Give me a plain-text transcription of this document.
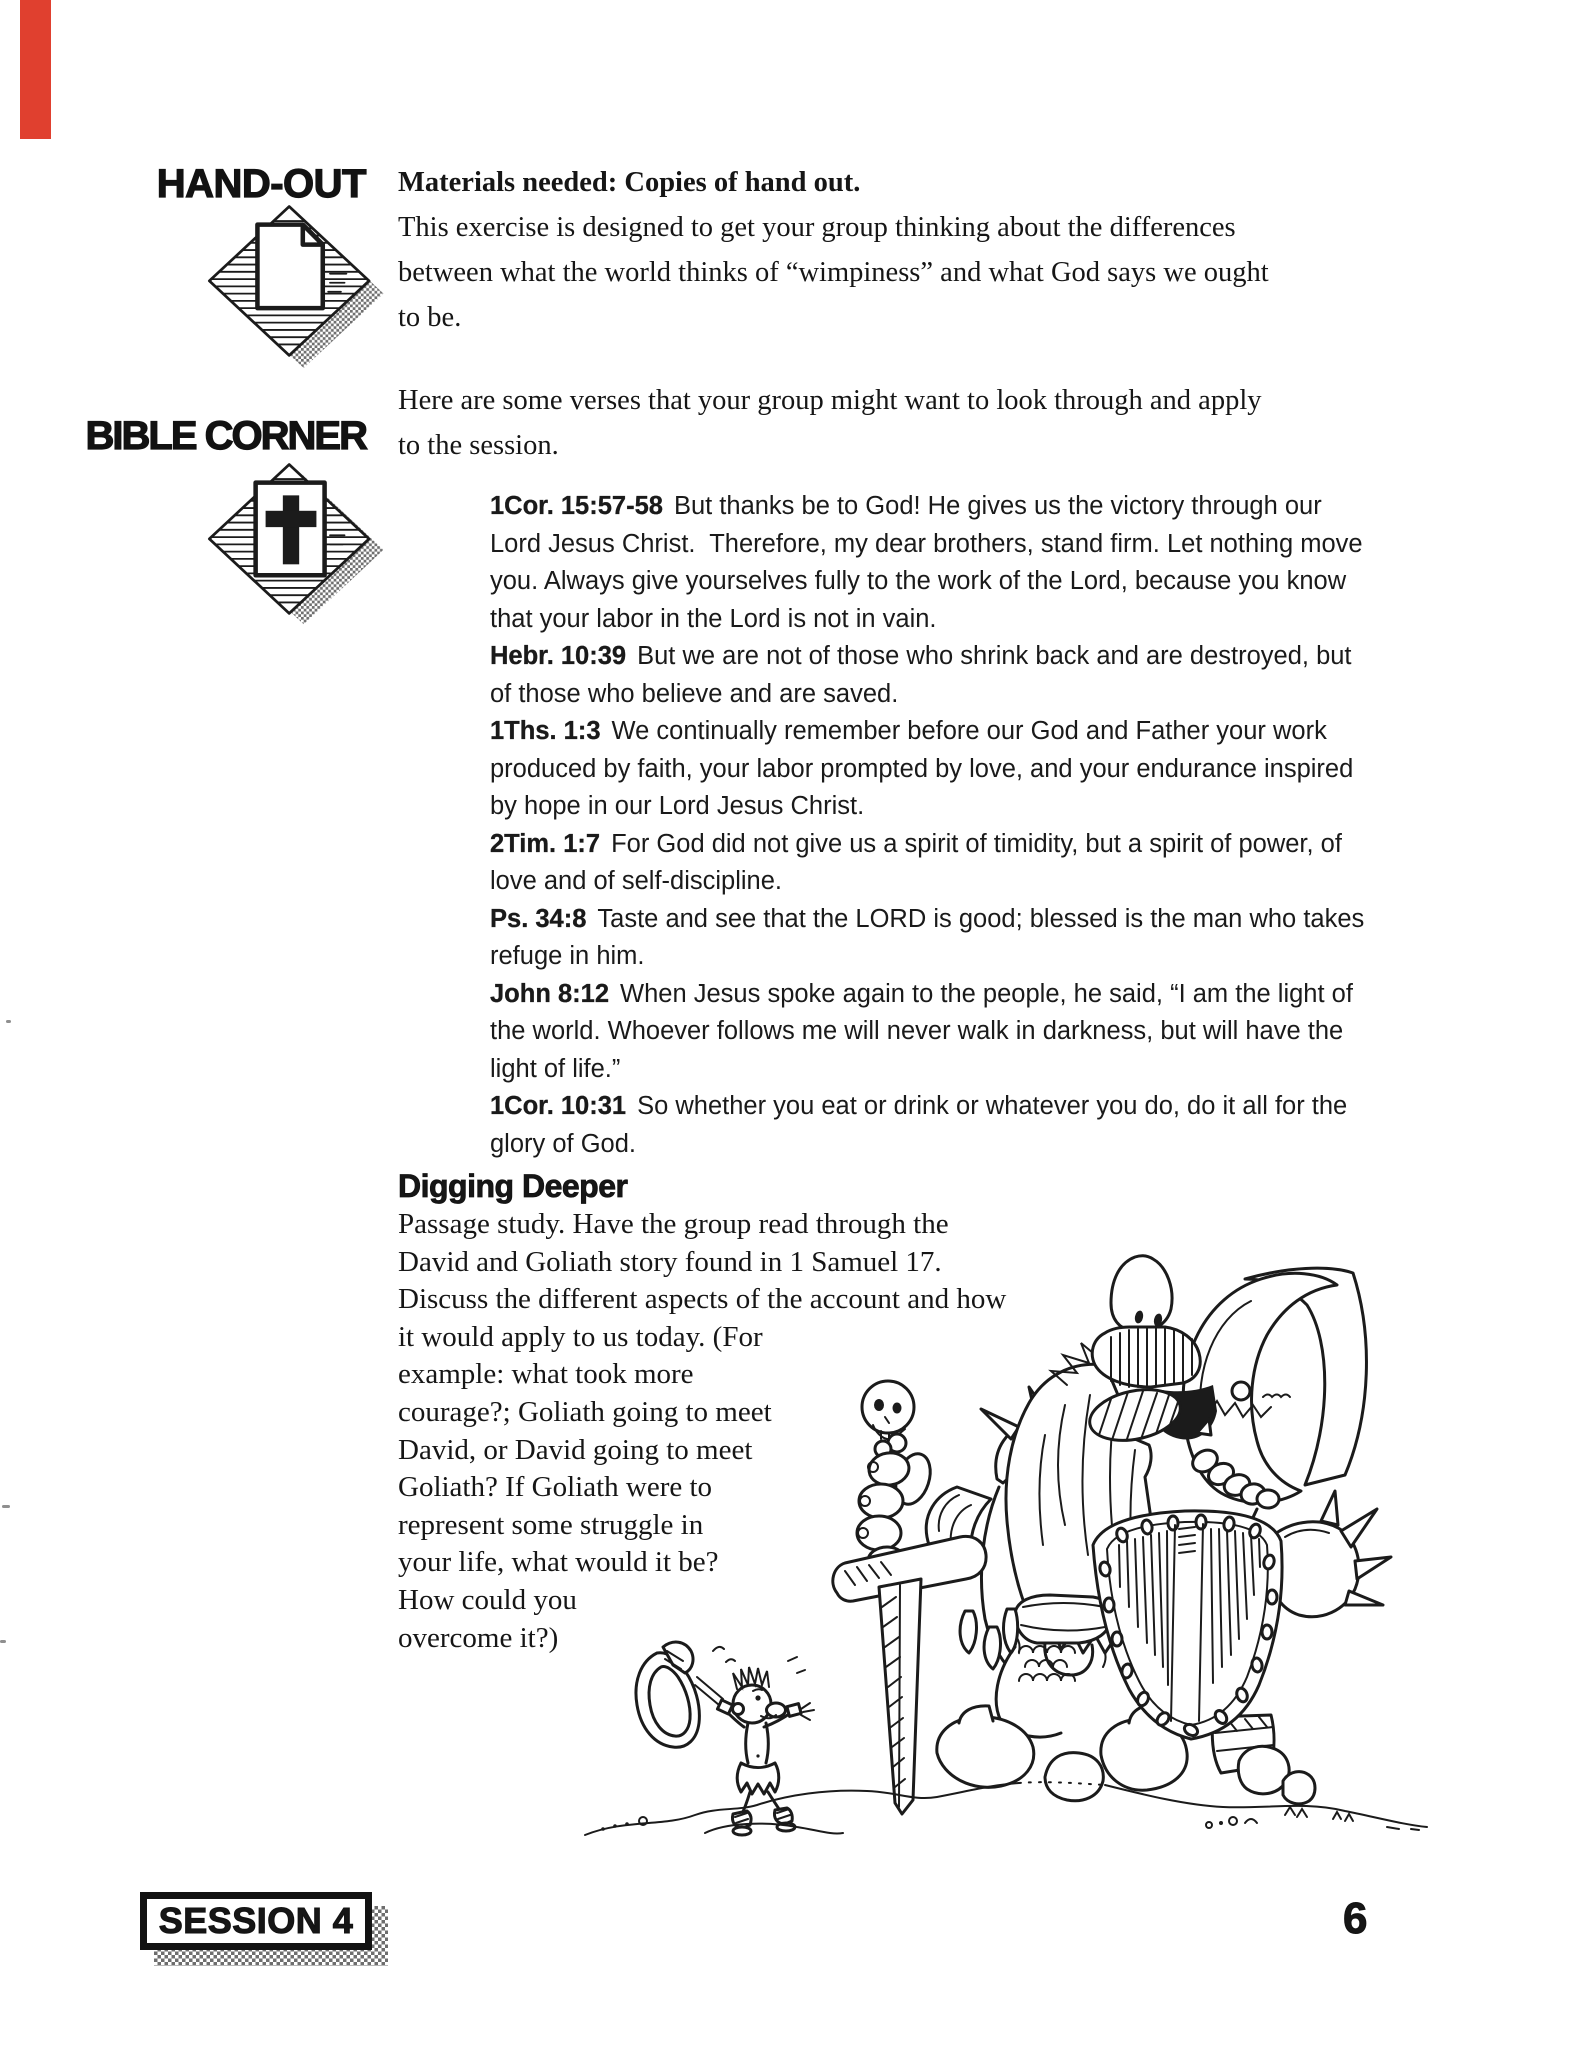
HAND-OUT Materials needed: Copies of hand out.
This exercise is designed to get your group thinking about the differences
between what the world thinks of “wimpiness” and what God says we ought
to be.
BIBLE CORNER
Here are some verses that your group might want to look through and apply
to the session.
1Cor. 15:57-58 But thanks be to God! He gives us the victory through our
Lord Jesus Christ.  Therefore, my dear brothers, stand firm. Let nothing move
you. Always give yourselves fully to the work of the Lord, because you know
that your labor in the Lord is not in vain.
Hebr. 10:39 But we are not of those who shrink back and are destroyed, but
of those who believe and are saved.
1Ths. 1:3 We continually remember before our God and Father your work
produced by faith, your labor prompted by love, and your endurance inspired
by hope in our Lord Jesus Christ.
2Tim. 1:7 For God did not give us a spirit of timidity, but a spirit of power, of
love and of self-discipline.
Ps. 34:8 Taste and see that the LORD is good; blessed is the man who takes
refuge in him.
John 8:12 When Jesus spoke again to the people, he said, “I am the light of
the world. Whoever follows me will never walk in darkness, but will have the
light of life.”
1Cor. 10:31 So whether you eat or drink or whatever you do, do it all for the
glory of God.
Digging Deeper
Passage study. Have the group read through the
David and Goliath story found in 1 Samuel 17.
Discuss the different aspects of the account and how
it would apply to us today. (For
example: what took more
courage?; Goliath going to meet
David, or David going to meet
Goliath? If Goliath were to
represent some struggle in
your life, what would it be?
How could you
overcome it?)
SESSION 4	6
